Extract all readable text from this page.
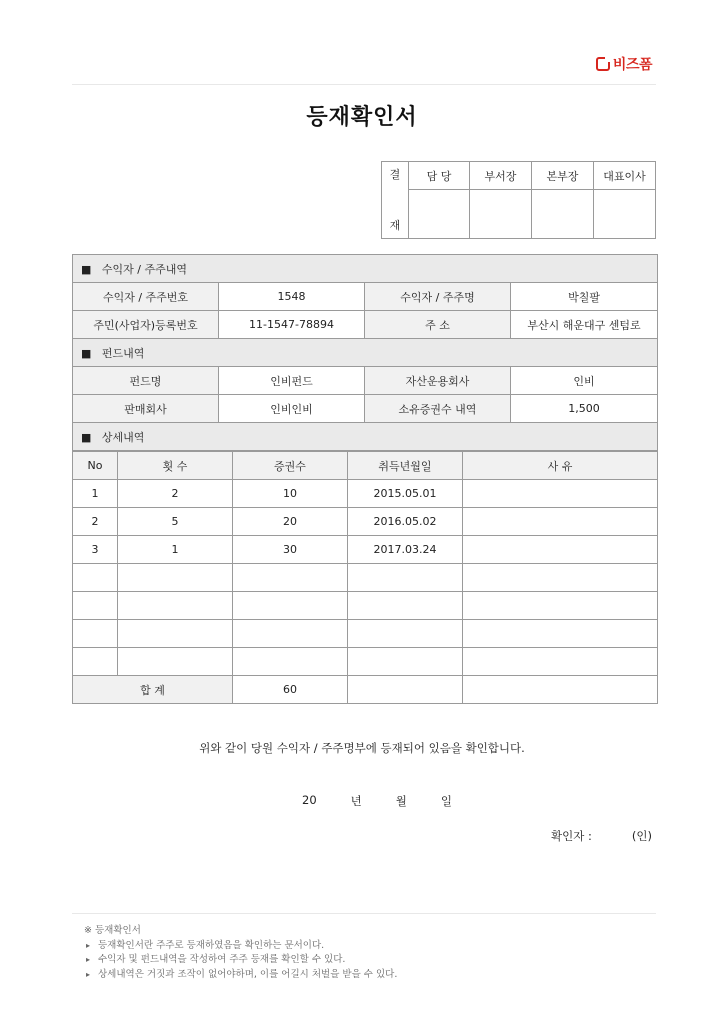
비즈폼
등재확인서
결

재	담 당	부서장	본부장	대표이사

■   수익자 / 주주내역			
수익자 / 주주번호	1548	수익자 / 주주명	박칠팔
주민(사업자)등록번호	11-1547-78894	주 소	부산시 해운대구 센텀로
■   펀드내역			
펀드명	인비펀드	자산운용회사	인비
판매회사	인비인비	소유증권수 내역	1,500
■   상세내역			
No	횟 수	증권수	취득년월일	사 유
1	2	10	2015.05.01	
2	5	20	2016.05.02	
3	1	30	2017.03.24	

합 계		60		
위와 같이 당원 수익자 / 주주명부에 등재되어 있음을 확인합니다.
20	년	월	일
확인자 :	(인)
※ 등재확인서
▸ 등재확인서란 주주로 등재하였음을 확인하는 문서이다.
▸ 수익자 및 펀드내역을 작성하여 주주 등재를 확인할 수 있다.
▸ 상세내역은 거짓과 조작이 없어야하며, 이를 어길시 처벌을 받을 수 있다.
